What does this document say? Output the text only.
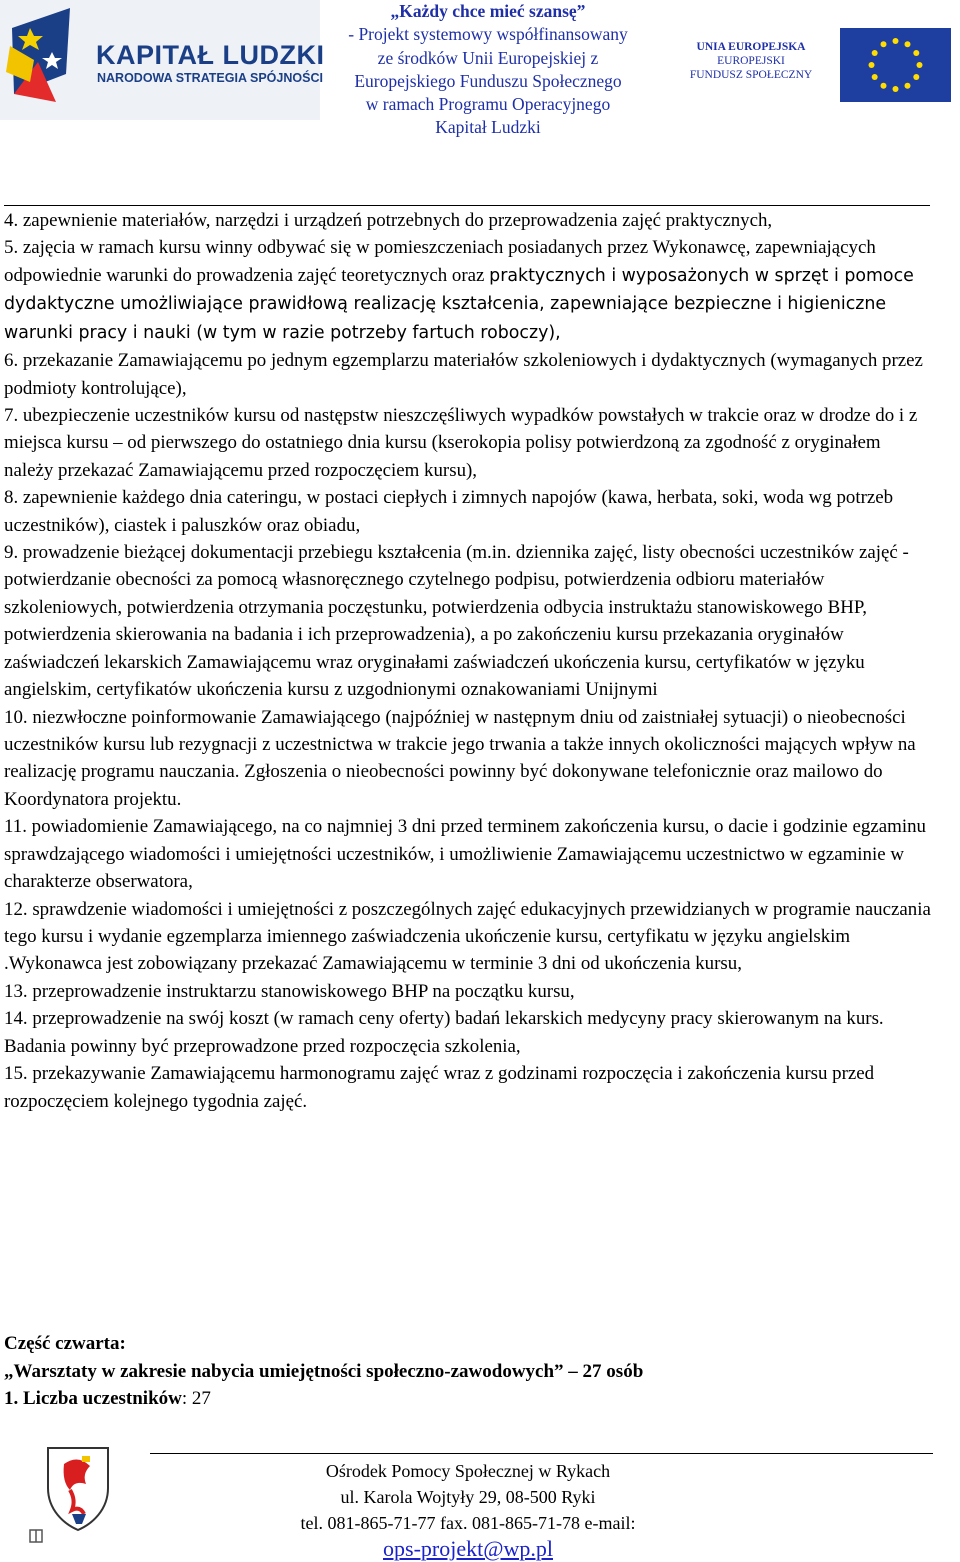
KAPITAŁ LUDZKI
NARODOWA STRATEGIA SPÓJNOŚCI
„Każdy chce mieć szansę”
- Projekt systemowy współfinansowany
ze środków Unii Europejskiej z
Europejskiego Funduszu Społecznego
w ramach Programu Operacyjnego
Kapitał Ludzki
UNIA EUROPEJSKA
EUROPEJSKI
FUNDUSZ SPOŁECZNY

4. zapewnienie materiałów, narzędzi i urządzeń potrzebnych do przeprowadzenia zajęć praktycznych,

5. zajęcia w ramach kursu winny odbywać się w pomieszczeniach posiadanych przez Wykonawcę, zapewniających odpowiednie warunki do prowadzenia zajęć teoretycznych oraz praktycznych i wyposażonych w sprzęt i pomoce dydaktyczne umożliwiające prawidłową realizację kształcenia, zapewniające bezpieczne i higieniczne warunki pracy i nauki (w tym w razie potrzeby fartuch roboczy),

6. przekazanie Zamawiającemu po jednym egzemplarzu materiałów szkoleniowych i dydaktycznych (wymaganych przez podmioty kontrolujące),

7. ubezpieczenie uczestników kursu od następstw nieszczęśliwych wypadków powstałych w trakcie oraz w drodze do i z miejsca kursu – od pierwszego do ostatniego dnia kursu (kserokopia polisy potwierdzoną za zgodność z oryginałem należy przekazać Zamawiającemu przed rozpoczęciem kursu),

8. zapewnienie każdego dnia cateringu, w postaci ciepłych i zimnych napojów (kawa, herbata, soki, woda wg potrzeb uczestników), ciastek i paluszków oraz obiadu,

9. prowadzenie bieżącej dokumentacji przebiegu kształcenia (m.in. dziennika zajęć, listy obecności uczestników zajęć - potwierdzanie obecności za pomocą własnoręcznego czytelnego podpisu, potwierdzenia odbioru materiałów szkoleniowych, potwierdzenia otrzymania poczęstunku, potwierdzenia odbycia instruktażu stanowiskowego BHP, potwierdzenia skierowania na badania i ich przeprowadzenia), a po zakończeniu kursu przekazania oryginałów zaświadczeń lekarskich Zamawiającemu wraz oryginałami zaświadczeń ukończenia kursu, certyfikatów w języku angielskim, certyfikatów ukończenia kursu z uzgodnionymi oznakowaniami Unijnymi

10. niezwłoczne poinformowanie Zamawiającego (najpóźniej w następnym dniu od zaistniałej sytuacji) o nieobecności uczestników kursu lub rezygnacji z uczestnictwa w trakcie jego trwania a także innych okoliczności mających wpływ na realizację programu nauczania. Zgłoszenia o nieobecności powinny być dokonywane telefonicznie oraz mailowo do Koordynatora projektu.

11. powiadomienie Zamawiającego, na co najmniej 3 dni przed terminem zakończenia kursu, o dacie i godzinie egzaminu sprawdzającego wiadomości i umiejętności uczestników, i umożliwienie Zamawiającemu uczestnictwo w egzaminie w charakterze obserwatora,

12. sprawdzenie wiadomości i umiejętności z poszczególnych zajęć edukacyjnych przewidzianych w programie nauczania tego kursu i wydanie egzemplarza imiennego zaświadczenia ukończenie kursu, certyfikatu w języku angielskim .Wykonawca jest zobowiązany przekazać Zamawiającemu w terminie 3 dni od ukończenia kursu,

13. przeprowadzenie instruktarzu stanowiskowego BHP na początku kursu,

14. przeprowadzenie na swój koszt (w ramach ceny oferty) badań lekarskich medycyny pracy skierowanym na kurs. Badania powinny być przeprowadzone przed rozpoczęcia szkolenia,

15. przekazywanie Zamawiającemu harmonogramu zajęć wraz z godzinami rozpoczęcia i zakończenia kursu przed rozpoczęciem kolejnego tygodnia zajęć.

Część czwarta:

„Warsztaty w zakresie nabycia umiejętności społeczno-zawodowych” – 27 osób

1. Liczba uczestników: 27

Ośrodek Pomocy Społecznej w Rykach
ul. Karola Wojtyły 29, 08-500 Ryki
tel. 081-865-71-77 fax. 081-865-71-78 e-mail:
ops-projekt@wp.pl
